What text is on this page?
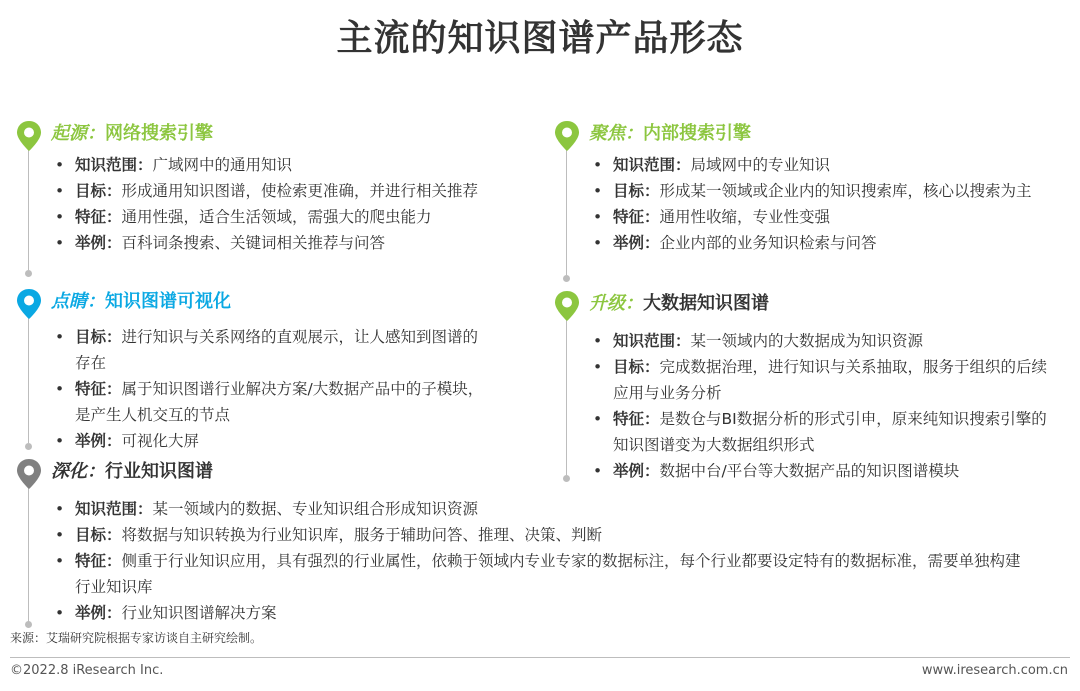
主流的知识图谱产品形态
起源：网络搜索引擎
• 知识范围：广域网中的通用知识
• 目标：形成通用知识图谱，使检索更准确，并进行相关推荐
• 特征：通用性强，适合生活领域，需强大的爬虫能力
• 举例：百科词条搜索、关键词相关推荐与问答
点睛：知识图谱可视化
• 目标：进行知识与关系网络的直观展示，让人感知到图谱的存在
• 特征：属于知识图谱行业解决方案/大数据产品中的子模块，是产生人机交互的节点
• 举例：可视化大屏
深化：行业知识图谱
• 知识范围：某一领域内的数据、专业知识组合形成知识资源
• 目标：将数据与知识转换为行业知识库，服务于辅助问答、推理、决策、判断
• 特征：侧重于行业知识应用，具有强烈的行业属性，依赖于领域内专业专家的数据标注，每个行业都要设定特有的数据标准，需要单独构建行业知识库
• 举例：行业知识图谱解决方案
聚焦：内部搜索引擎
• 知识范围：局域网中的专业知识
• 目标：形成某一领域或企业内的知识搜索库，核心以搜索为主
• 特征：通用性收缩，专业性变强
• 举例：企业内部的业务知识检索与问答
升级：大数据知识图谱
• 知识范围：某一领域内的大数据成为知识资源
• 目标：完成数据治理，进行知识与关系抽取，服务于组织的后续应用与业务分析
• 特征：是数仓与BI数据分析的形式引申，原来纯知识搜索引擎的知识图谱变为大数据组织形式
• 举例：数据中台/平台等大数据产品的知识图谱模块
来源：艾瑞研究院根据专家访谈自主研究绘制。
©2022.8 iResearch Inc.	www.iresearch.com.cn
